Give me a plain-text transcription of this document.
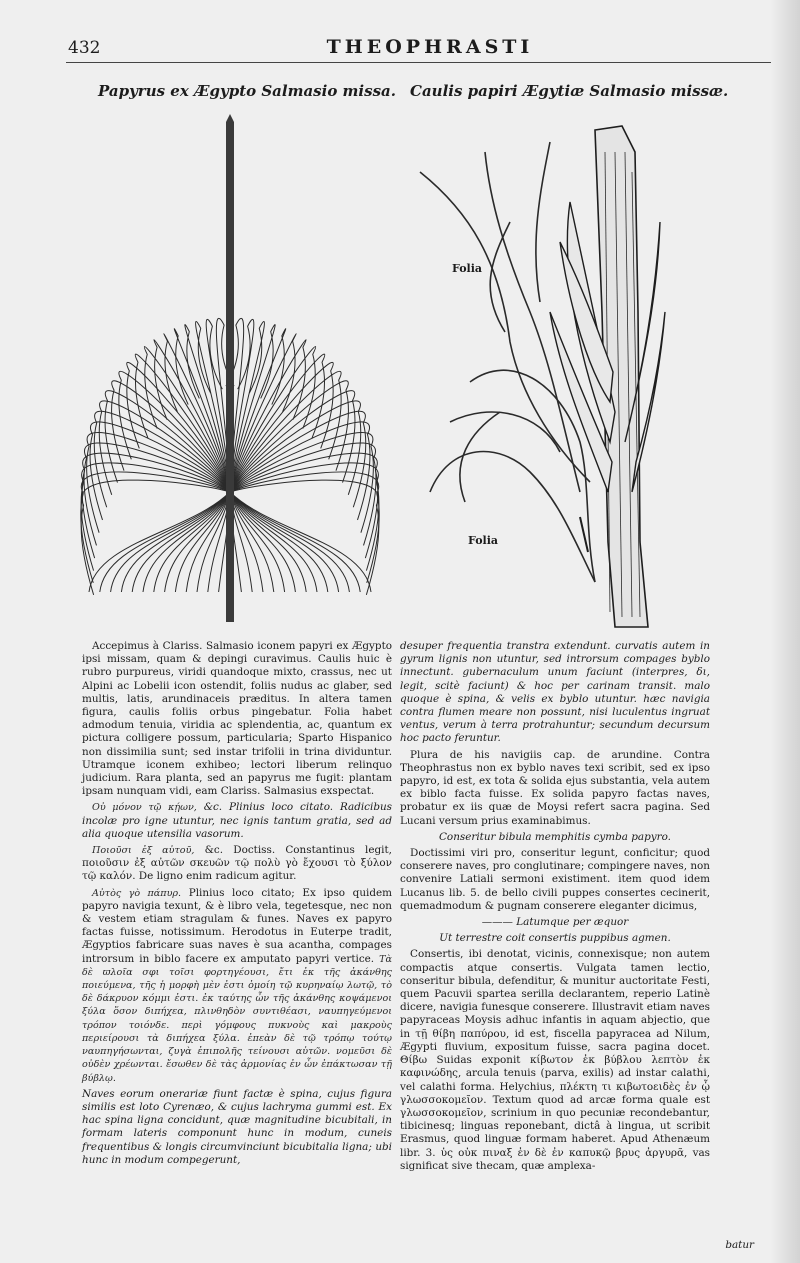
432	THEOPHRASTI
Papyrus ex Ægypto Salmasio missa. Caulis papiri Ægytiæ Salmasio missæ.
Folia
Folia

Accepimus à Clariss. Salmasio iconem papyri ex Ægypto ipsi missam, quam & depingi curavimus. Caulis huic è rubro purpureus, viridi quandoque mixto, crassus, nec ut Alpini ac Lobelii icon ostendit, foliis nudus ac glaber, sed multis, latis, arundinaceis præditus. In altera tamen figura, caulis foliis orbus pingebatur. Folia habet admodum tenuia, viridia ac splendentia, ac, quantum ex pictura colligere possum, particularia; Sparto Hispanico non dissimilia sunt; sed instar trifolii in trina dividuntur. Utramque iconem exhibeo; lectori liberum relinquo judicium. Rara planta, sed an papyrus me fugit: plantam ipsam nunquam vidi, eam Clariss. Salmasius exspectat.

Οὐ μόνον τῷ κῄων, &c. Plinius loco citato. Radicibus incolæ pro igne utuntur, nec ignis tantum gratia, sed ad alia quoque utensilia vasorum.

Ποιοῦσι ἐξ αὐτοῦ, &c. Doctiss. Constantinus legit, ποιοῦσιν ἐξ αὐτῶν σκευῶν τῷ πολὺ γὸ ἔχουσι τὸ ξύλον τῷ καλόν. De ligno enim radicum agitur.

Αὐτὸς γὸ πάπυρ. Plinius loco citato; Ex ipso quidem papyro navigia texunt, & è libro vela, tegetesque, nec non & vestem etiam stragulam & funes. Naves ex papyro factas fuisse, notissimum. Herodotus in Euterpe tradit, Ægyptios fabricare suas naves è sua acantha, compages introrsum in biblo facere ex amputato papyri vertice. Τὰ δὲ ϖλοῖα σφι τοῖσι φορτηγέουσι, ἔτι ἐκ τῆς ἀκάνθης ποιεύμενα, τῆς ἡ μορφὴ μὲν ἐστι ὁμοίη τῷ κυρηναίῳ λωτῷ, τὸ δὲ δάκρυον κόμμι ἐστι. ἐκ ταύτης ὦν τῆς ἀκάνθης κοψάμενοι ξύλα ὅσον διπήχεα, πλινθηδὸν συντιθέασι, ναυπηγεύμενοι τρόπον τοιόνδε. περὶ γόμφους πυκνοὺς καὶ μακροὺς περιείρουσι τὰ διπήχεα ξύλα. ἐπεὰν δὲ τῷ τρόπῳ τούτῳ ναυπηγήσωνται, ζυγὰ ἐπιπολῆς τείνουσι αὐτῶν. νομεῦσι δὲ οὐδὲν χρέωνται. ἔσωθεν δὲ τὰς ἁρμονίας ἐν ὦν ἐπάκτωσαν τῇ βύβλῳ.

Naves eorum onerariæ fiunt factæ è spina, cujus figura similis est loto Cyrenæo, & cujus lachryma gummi est. Ex hac spina ligna concidunt, quæ magnitudine bicubitali, in formam lateris componunt hunc in modum, cuneis frequentibus & longis circumvinciunt bicubitalia ligna; ubi hunc in modum compegerunt,

desuper frequentia transtra extendunt. curvatis autem in gyrum lignis non utuntur, sed introrsum compages byblo innectunt. gubernaculum unum faciunt (interpres, δι, legit, scitè faciunt) & hoc per carinam transit. malo quoque è spina, & velis ex byblo utuntur. hæc navigia contra flumen meare non possunt, nisi luculentus ingruat ventus, verum à terra protrahuntur; secundum decursum hoc pacto feruntur.

Plura de his navigiis cap. de arundine. Contra Theophrastus non ex byblo naves texi scribit, sed ex ipso papyro, id est, ex tota & solida ejus substantia, vela autem ex biblo facta fuisse. Ex solida papyro factas naves, probatur ex iis quæ de Moysi refert sacra pagina. Sed Lucani versum prius examinabimus.

Conseritur bibula memphitis cymba papyro.

Doctissimi viri pro, conseritur legunt, conficitur; quod conserere naves, pro conglutinare; compingere naves, non convenire Latiali sermoni existiment. item quod idem Lucanus lib. 5. de bello civili puppes consertes cecinerit, quemadmodum & pugnam conserere eleganter dicimus,

——— Latumque per æquor

Ut terrestre coit consertis puppibus agmen.

Consertis, ibi denotat, vicinis, connexisque; non autem compactis atque consertis. Vulgata tamen lectio, conseritur bibula, defenditur, & munitur auctoritate Festi, quem Pacuvii spartea serilla declarantem, reperio Latinè dicere, navigia funesque conserere. Illustravit etiam naves papyraceas Moysis adhuc infantis in aquam abjectio, que in τῇ θίβη παπύρου, id est, fiscella papyracea ad Nilum, Ægypti fluvium, expositum fuisse, sacra pagina docet. Θίβω Suidas exponit κίβωτον ἐκ βύβλου λεπτὸν ἐκ καφινώδης, arcula tenuis (parva, exilis) ad instar calathi, vel calathi forma. Helychius, πλέκτη τι κιβωτοειδὲς ἐν ᾧ γλωσσοκομεῖον. Textum quod ad arcæ forma quale est γλωσσοκομεῖον, scrinium in quo pecuniæ recondebantur, tibicinesq; linguas reponebant, dictâ à lingua, ut scribit Erasmus, quod linguæ formam haberet. Apud Athenæum libr. 3. ὑς οὐκ πιναξ ἐν δὲ ἐν καπυκῷ βρυς ἀργυρᾶ, vas significat sive thecam, quæ amplexa-

batur
